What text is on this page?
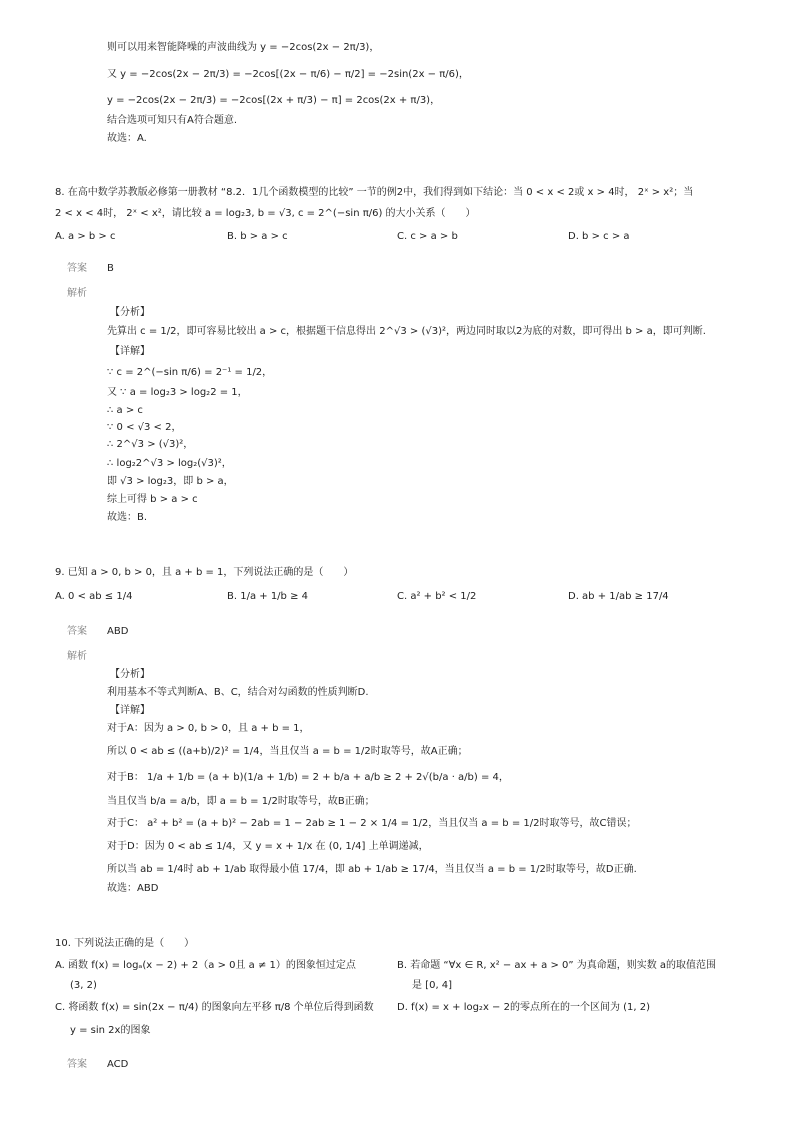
则可以用来智能降噪的声波曲线为 y = −2cos(2x − 2π/3)，
又 y = −2cos(2x − 2π/3) = −2cos[(2x − π/6) − π/2] = −2sin(2x − π/6)，
y = −2cos(2x − 2π/3) = −2cos[(2x + π/3) − π] = 2cos(2x + π/3)，
结合选项可知只有A符合题意.
故选：A.
8. 在高中数学苏教版必修第一册教材 “8.2．1几个函数模型的比较” 一节的例2中，我们得到如下结论：当 0 < x < 2或 x > 4时， 2ˣ > x²；当
2 < x < 4时， 2ˣ < x²，请比较 a = log₂3, b = √3, c = 2^(−sin π/6) 的大小关系（　　）
A. a > b > c	B. b > a > c	C. c > a > b	D. b > c > a
答案 B
解析
【分析】
先算出 c = 1/2，即可容易比较出 a > c，根据题干信息得出 2^√3 > (√3)²，两边同时取以2为底的对数，即可得出 b > a，即可判断.
【详解】
∵ c = 2^(−sin π/6) = 2⁻¹ = 1/2，
又 ∵ a = log₂3 > log₂2 = 1，
∴ a > c
∵ 0 < √3 < 2，
∴ 2^√3 > (√3)²，
∴ log₂2^√3 > log₂(√3)²，
即 √3 > log₂3，即 b > a，
综上可得 b > a > c
故选：B.
9. 已知 a > 0, b > 0，且 a + b = 1，下列说法正确的是（　　）
A. 0 < ab ≤ 1/4	B. 1/a + 1/b ≥ 4	C. a² + b² < 1/2	D. ab + 1/ab ≥ 17/4
答案 ABD
解析
【分析】
利用基本不等式判断A、B、C，结合对勾函数的性质判断D.
【详解】
对于A：因为 a > 0, b > 0，且 a + b = 1，
所以 0 < ab ≤ ((a+b)/2)² = 1/4，当且仅当 a = b = 1/2时取等号，故A正确；
对于B： 1/a + 1/b = (a + b)(1/a + 1/b) = 2 + b/a + a/b ≥ 2 + 2√(b/a · a/b) = 4，
当且仅当 b/a = a/b，即 a = b = 1/2时取等号，故B正确；
对于C： a² + b² = (a + b)² − 2ab = 1 − 2ab ≥ 1 − 2 × 1/4 = 1/2，当且仅当 a = b = 1/2时取等号，故C错误；
对于D：因为 0 < ab ≤ 1/4，又 y = x + 1/x 在 (0, 1/4] 上单调递减，
所以当 ab = 1/4时 ab + 1/ab 取得最小值 17/4，即 ab + 1/ab ≥ 17/4，当且仅当 a = b = 1/2时取等号，故D正确.
故选：ABD
10. 下列说法正确的是（　　）
A. 函数 f(x) = logₐ(x − 2) + 2（a > 0且 a ≠ 1）的图象恒过定点
(3, 2)
B. 若命题 “∀x ∈ R, x² − ax + a > 0” 为真命题，则实数 a的取值范围
是 [0, 4]
C. 将函数 f(x) = sin(2x − π/4) 的图象向左平移 π/8 个单位后得到函数
y = sin 2x的图象
D. f(x) = x + log₂x − 2的零点所在的一个区间为 (1, 2)
答案 ACD
